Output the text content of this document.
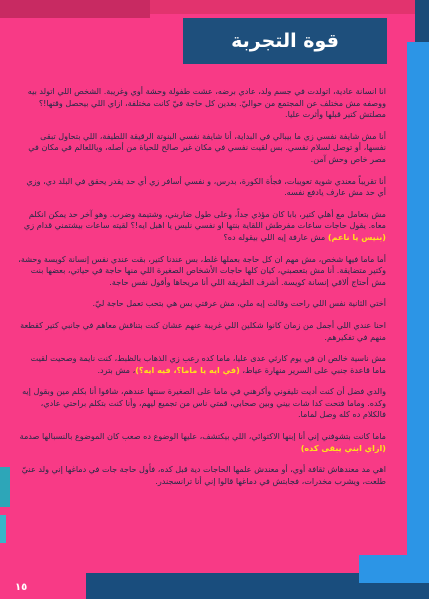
قوة التجربة

انا انسانة عادية، اتولدت في جسم ولد، عادي برضه، عشت طفولة وحشة أوي وغريبة. الشخص اللي اتولد بيه ووصفه مش مختلف عن المجتمع من حواليّ. بعدين كل حاجة فيّ كانت مختلفة، ازاي اللي بيحصل وقتها!؟ مصلتش كتير قبلها وأثرت عليا.

أنا مش شايفة نفسي زي ما بيبالي في البداية، أنا شايفة نفسي البنوتة الرقيقة اللطيفة، اللي بتحاول تبقى نفسها، أو توصل لسلام نفسي. بس لقيت نفسي في مكان غير صالح للحياة من أصله، وياللعالم في مكان في مصر خاص وحش آمن.

أنا تقريباً معندي شوية تعويبات، فجأة الكورة، بدرس، و نفسي أسافر زي أي حد يقدر يحقق في البلد دي، وزي أي حد مش عارف يادفع نفسه.

مش بتعامل مع أهلي كتير، بابا كان مؤذي جداً، وعلى طول ضاربني، وشتيمة وضرب. وهو آخر حد يمكن انكلم معاه. يقول حاجات ساعات مفرطش اللقاية بنتها او نفسي نلبس يا اهبل ايه!؟ لقيته ساعات بيشتمني قدام زي (بنيس يا ناعم) مش عارفة إيه اللي بيقوله ده؟

أما ماما فيها شخص، مش مهم ان كل حاجة بعملها غلط، بس عندنا كتير، بقت عندي نفس إنسانة كويسة وحشة، وكتير متضايقة. أنا مش بتعصبني، كيان كلها حاجات الأشخاص الصغيرة اللي منها حاجة في حياتي، بعضها بنت مش أحتاج ألاقي إنسانة كويسة. أشرف الطريقة اللي أنا مريحاها وأقول نفس حاجة.

أختي الثانية نفس اللي راحت وقالت إيه ملي، مش عرفتي بس هي بتحب تعمل حاجة ليّ.

احنا عندي اللي أجمل من زمان كانوا شكلين اللي غريبة عنهم عشان كنت بتناقش معاهم في جانبي كتير كقطعة منهم في تفكيرهم.

مش ناسية خالص ان في يوم كارثي عدى عليا، ماما كده رعب زي الذهاب بالظبط، كنت نايمة وصحيت لقيت ماما قاعدة جنبي على السرير منهارة عياط، (في ايه يا ماما؟، فيه ايه؟)، مش بترد.

والدي فضل أن كنت أديت تليفوني وأكرهني في ماما على الصغيرة سنتها عندهم، شافوا أنا بكلم مين وبقول إيه وكده. وماما فتحت كدا شات بيني وبين صحابي، قمتي ناس من تجميع ليهم، وأنا كنت بتكلم براحتي عادي، فالكلام ده كله وصل لماما.

ماما كانت بتشوفني إني أنا إبنها الاكتوائي، اللي بيكتشف، عليها الوضوع ده صعب كان الموضوع بالنسبالها صدمة (ازاي ابني يبقى كده)

اهي مد معندهاش ثقافة أوي، أو معندش علمها الحاجات دية قبل كده، فأول حاجة جات في دماغها إني ولد عنيّ طلعت، ويشرب مخدرات، فجابتش في دماغها قالوا إني أنا ترانسجندر.

١٥
